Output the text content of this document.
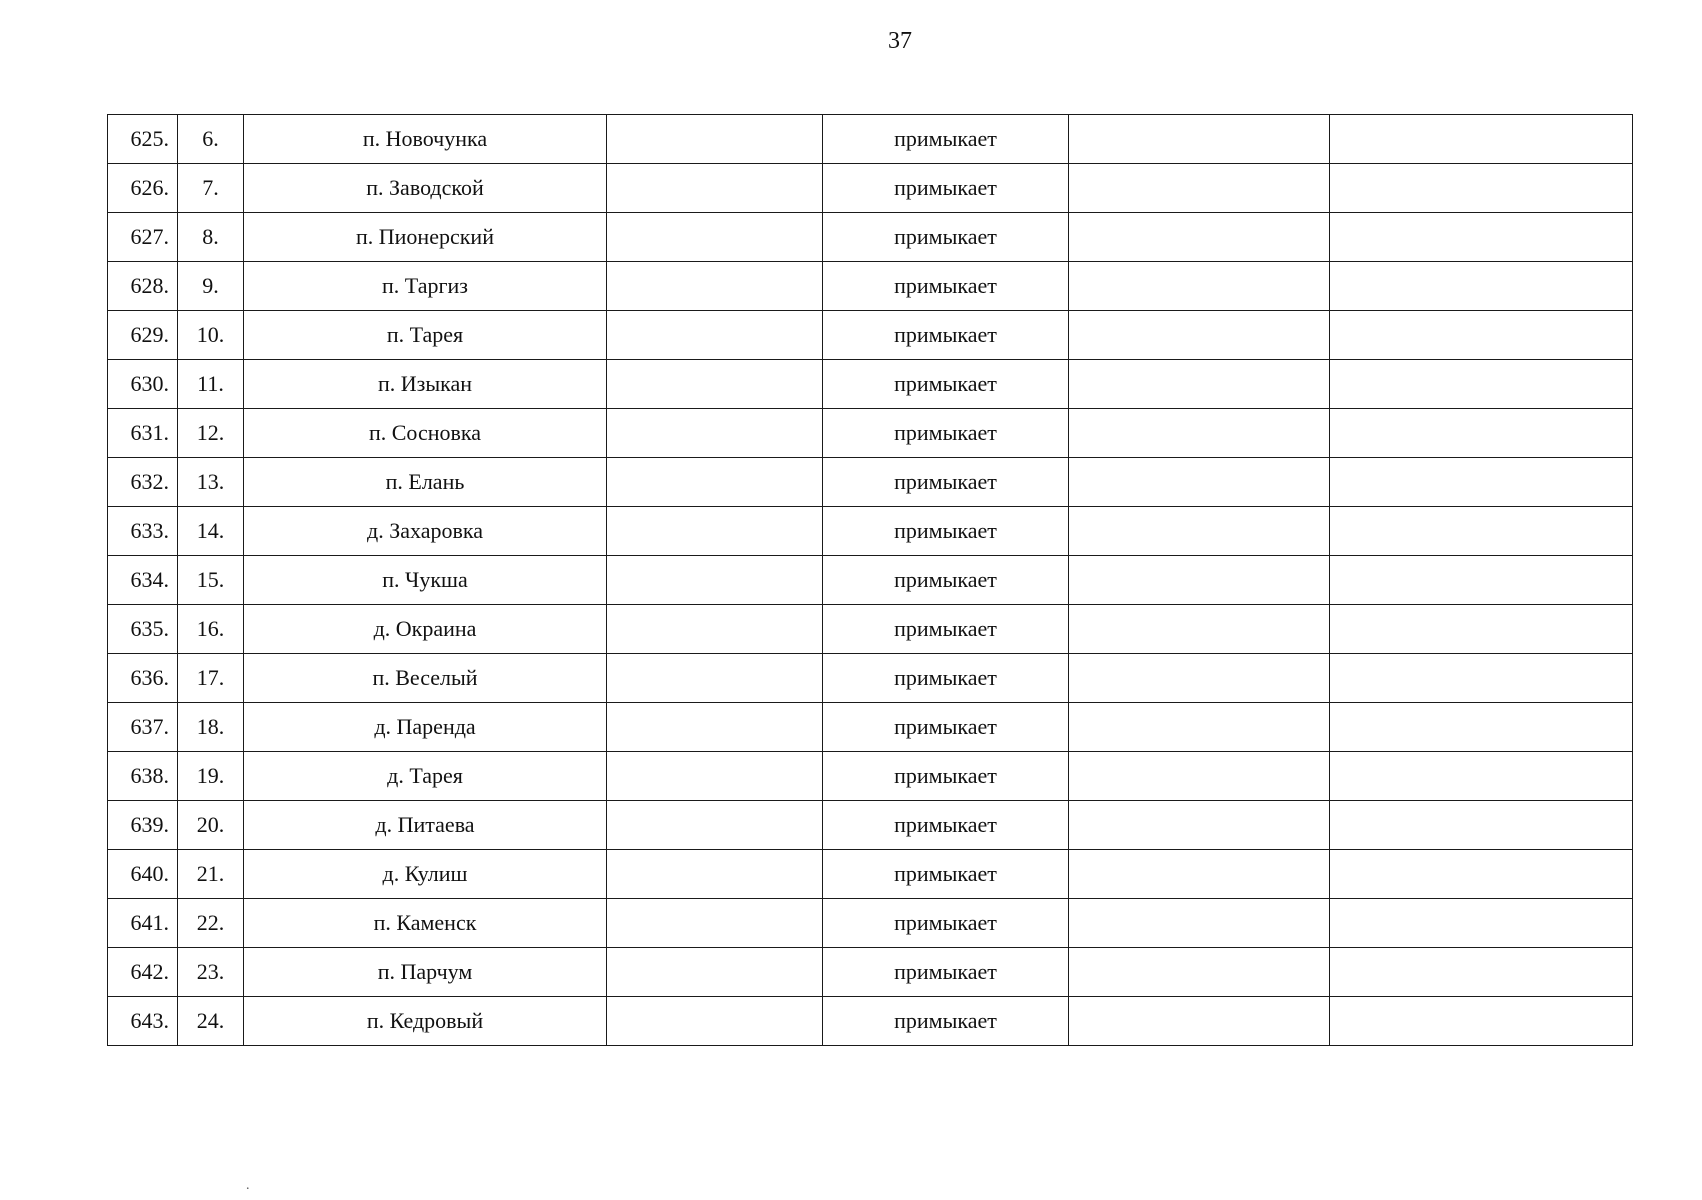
37
625.	6.	п. Новочунка		примыкает		
626.	7.	п. Заводской		примыкает		
627.	8.	п. Пионерский		примыкает		
628.	9.	п. Таргиз		примыкает		
629.	10.	п. Тарея		примыкает		
630.	11.	п. Изыкан		примыкает		
631.	12.	п. Сосновка		примыкает		
632.	13.	п. Елань		примыкает		
633.	14.	д. Захаровка		примыкает		
634.	15.	п. Чукша		примыкает		
635.	16.	д. Окраина		примыкает		
636.	17.	п. Веселый		примыкает		
637.	18.	д. Паренда		примыкает		
638.	19.	д. Тарея		примыкает		
639.	20.	д. Питаева		примыкает		
640.	21.	д. Кулиш		примыкает		
641.	22.	п. Каменск		примыкает		
642.	23.	п. Парчум		примыкает		
643.	24.	п. Кедровый		примыкает		
.
